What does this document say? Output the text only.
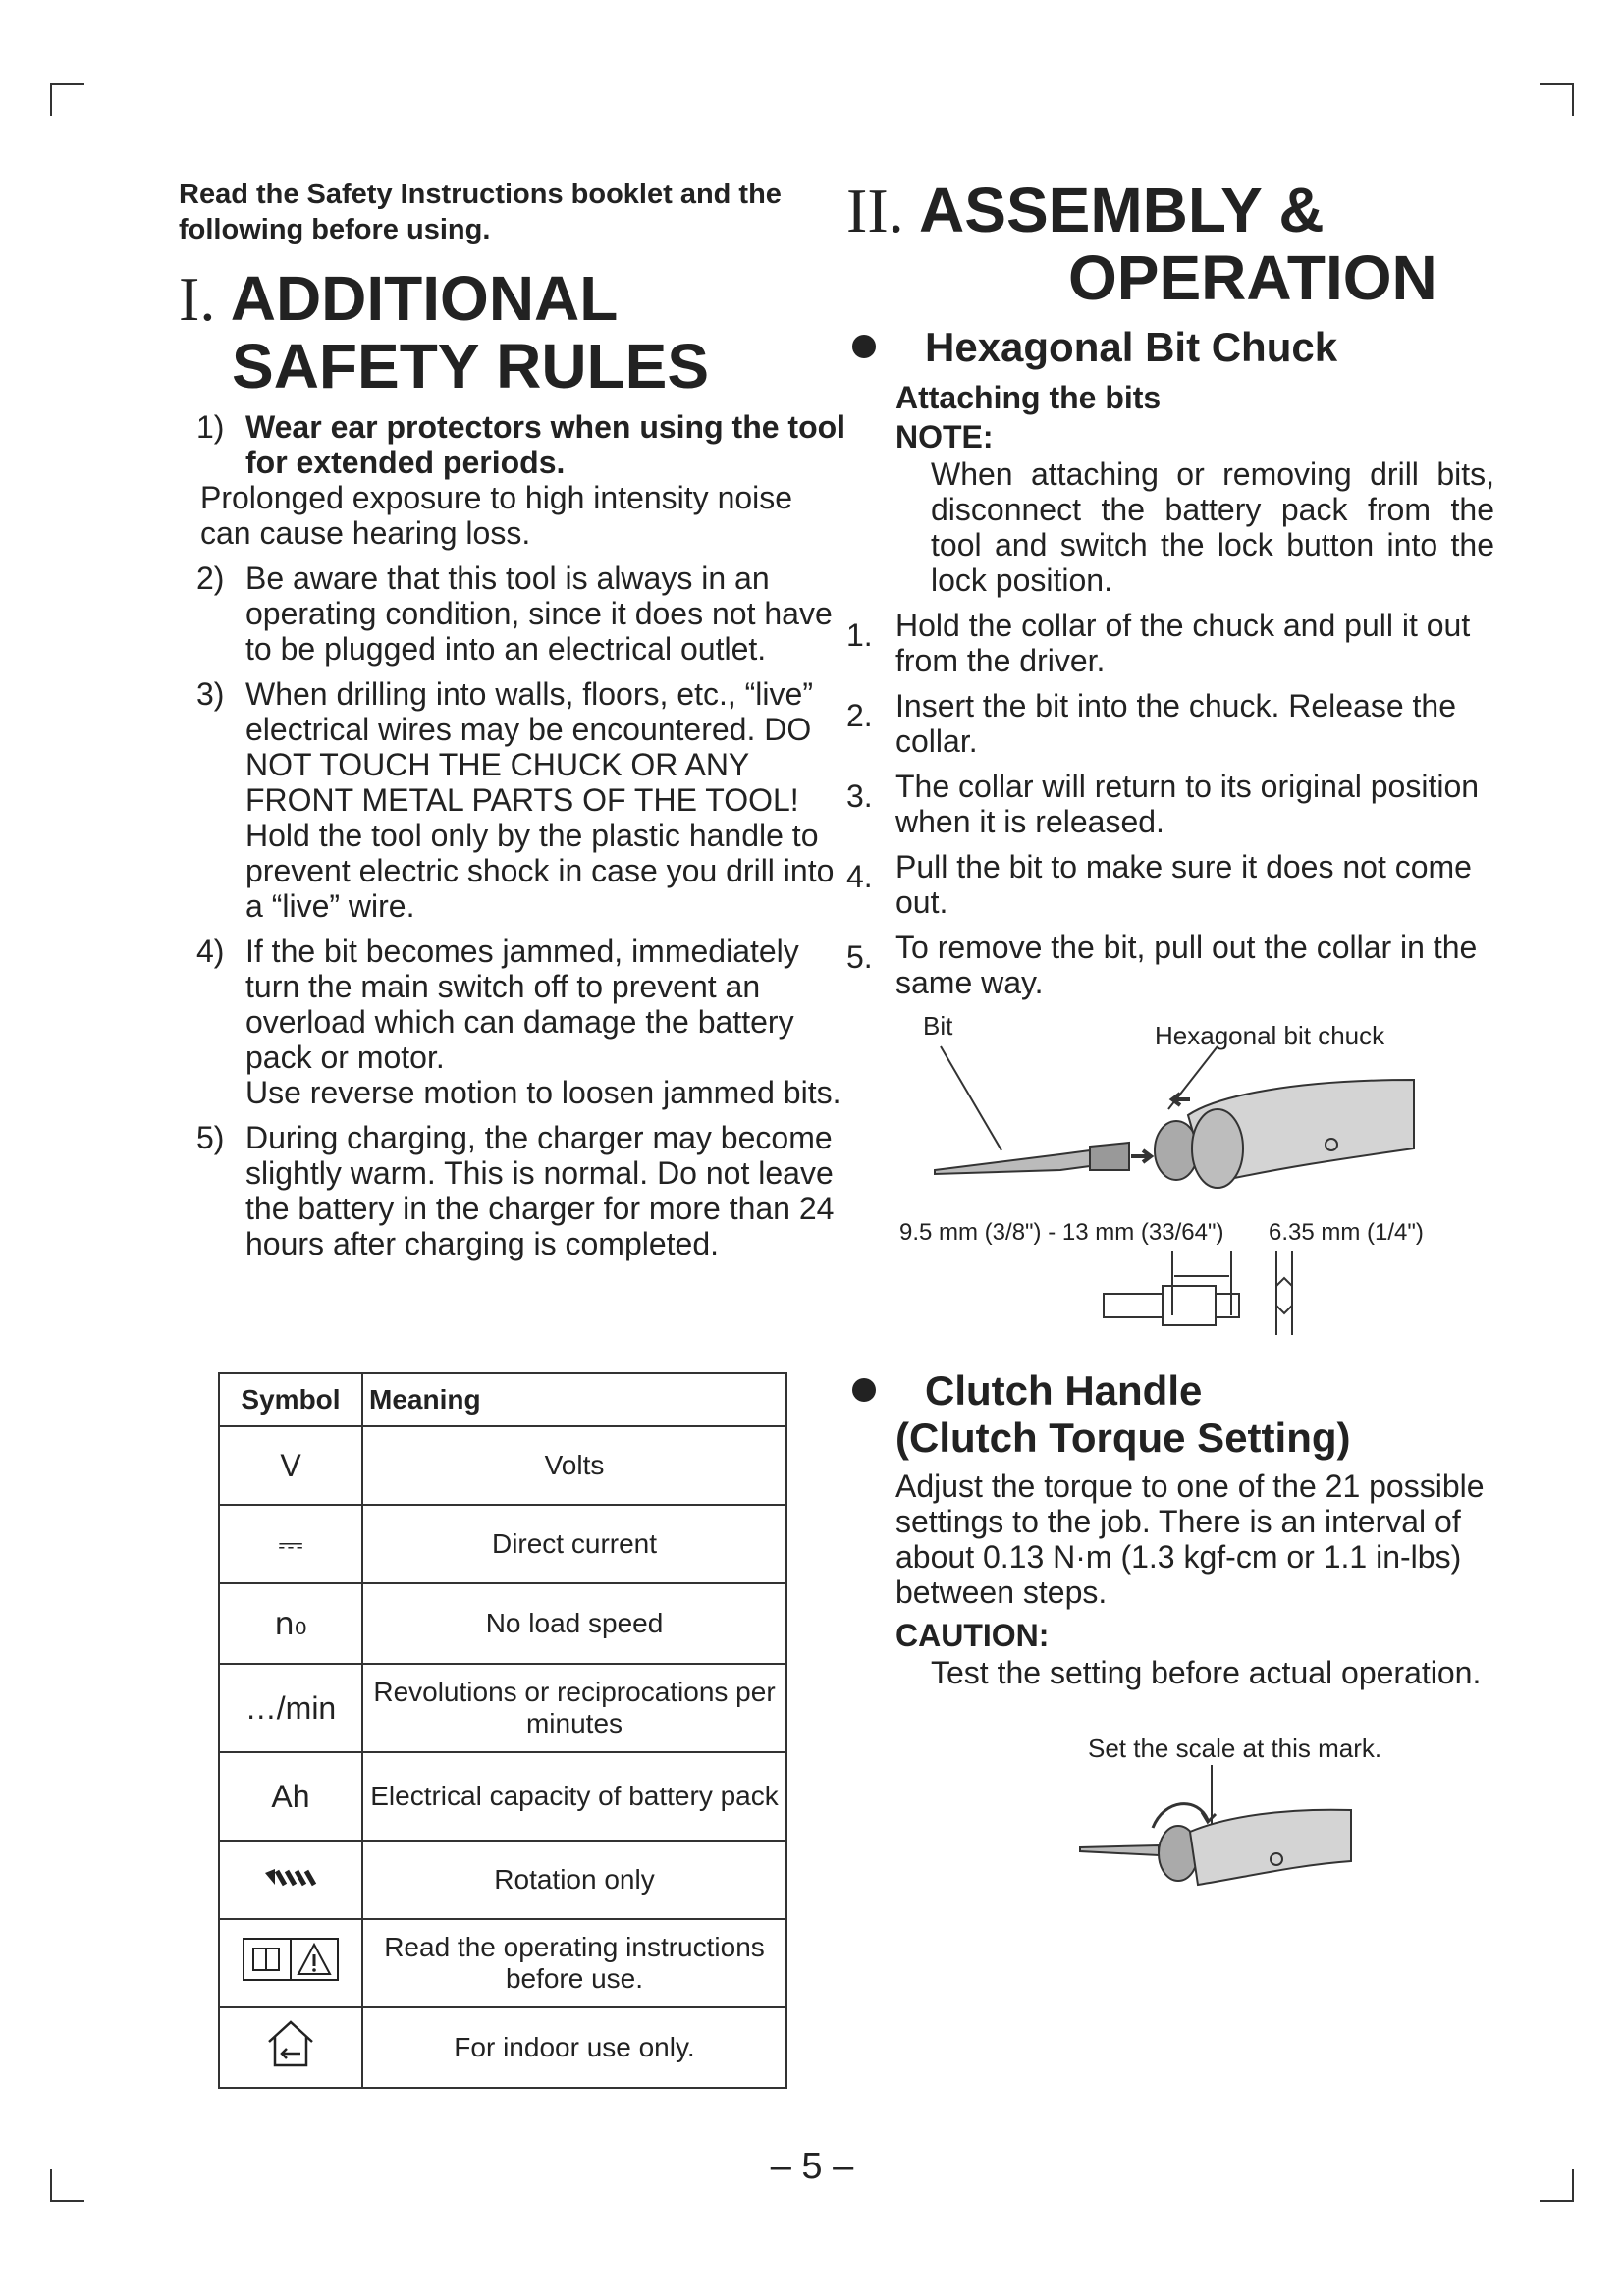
Read the Safety Instructions booklet and the following before using.

I. ADDITIONAL
SAFETY RULES
1) Wear ear protectors when using the tool for extended periods.
Prolonged exposure to high intensity noise can cause hearing loss.
2) Be aware that this tool is always in an operating condition, since it does not have to be plugged into an electrical outlet.
3) When drilling into walls, floors, etc., “live” electrical wires may be encountered. DO NOT TOUCH THE CHUCK OR ANY FRONT METAL PARTS OF THE TOOL! Hold the tool only by the plastic handle to prevent electric shock in case you drill into a “live” wire.
4) If the bit becomes jammed, immediately turn the main switch off to prevent an overload which can damage the battery pack or motor.
Use reverse motion to loosen jammed bits.
5) During charging, the charger may become slightly warm. This is normal. Do not leave the battery in the charger for more than 24 hours after charging is completed.
Symbol	Meaning
V	Volts
⎓	Direct current
n₀	No load speed
…/min	Revolutions or reciprocations per minutes
Ah	Electrical capacity of battery pack
	Rotation only
	Read the operating instructions before use.
	For indoor use only.
II. ASSEMBLY &
OPERATION
Hexagonal Bit Chuck
Attaching the bits
NOTE:
When attaching or removing drill bits, disconnect the battery pack from the tool and switch the lock button into the lock position.
1. Hold the collar of the chuck and pull it out from the driver.
2. Insert the bit into the chuck. Release the collar.
3. The collar will return to its original position when it is released.
4. Pull the bit to make sure it does not come out.
5. To remove the bit, pull out the collar in the same way.
Bit	Hexagonal bit chuck
9.5 mm (3/8") - 13 mm (33/64") 6.35 mm (1/4")
Clutch Handle
(Clutch Torque Setting)
Adjust the torque to one of the 21 possible settings to the job. There is an interval of about 0.13 N·m (1.3 kgf-cm or 1.1 in-lbs) between steps.
CAUTION:
Test the setting before actual operation.
Set the scale at this mark.
– 5 –
